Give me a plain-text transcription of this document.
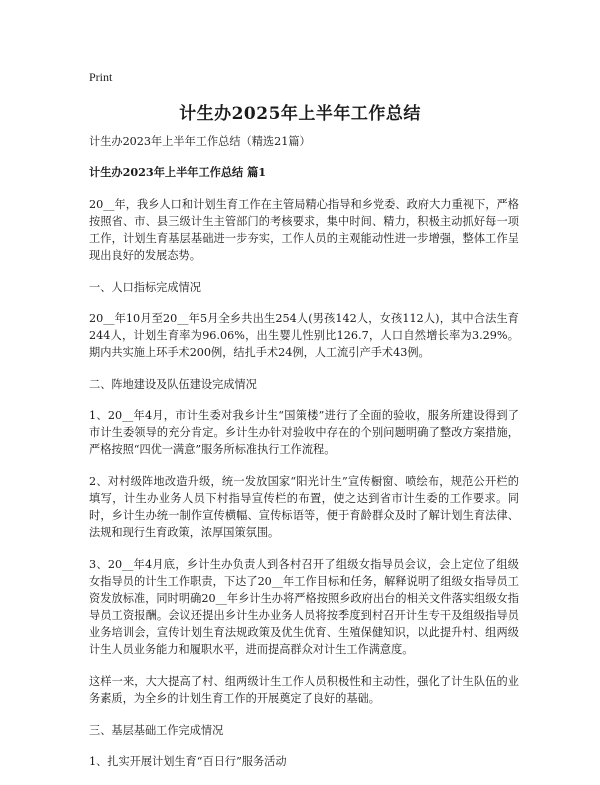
Print
计生办2025年上半年工作总结

计生办2023年上半年工作总结（精选21篇）

计生办2023年上半年工作总结 篇1

20__年，我乡人口和计划生育工作在主管局精心指导和乡党委、政府大力重视下，严格按照省、市、县三级计生主管部门的考核要求，集中时间、精力，积极主动抓好每一项工作，计划生育基层基础进一步夯实，工作人员的主观能动性进一步增强，整体工作呈现出良好的发展态势。

一、人口指标完成情况

20__年10月至20__年5月全乡共出生254人(男孩142人，女孩112人)，其中合法生育244人，计划生育率为96.06%，出生婴儿性别比126.7，人口自然增长率为3.29%。期内共实施上环手术200例，结扎手术24例，人工流引产手术43例。

二、阵地建设及队伍建设完成情况

1、20__年4月，市计生委对我乡计生“国策楼”进行了全面的验收，服务所建设得到了市计生委领导的充分肯定。乡计生办针对验收中存在的个别问题明确了整改方案措施，严格按照“四优一满意”服务所标准执行工作流程。

2、对村级阵地改造升级，统一发放国家“阳光计生”宣传橱窗、喷绘布，规范公开栏的填写，计生办业务人员下村指导宣传栏的布置，使之达到省市计生委的工作要求。同时，乡计生办统一制作宣传横幅、宣传标语等，便于育龄群众及时了解计划生育法律、法规和现行生育政策，浓厚国策氛围。

3、20__年4月底，乡计生办负责人到各村召开了组级女指导员会议，会上定位了组级女指导员的计生工作职责，下达了20__年工作目标和任务，解释说明了组级女指导员工资发放标准，同时明确20__年乡计生办将严格按照乡政府出台的相关文件落实组级女指导员工资报酬。会议还提出乡计生办业务人员将按季度到村召开计生专干及组级指导员业务培训会，宣传计划生育法规政策及优生优育、生殖保健知识，以此提升村、组两级计生人员业务能力和履职水平，进而提高群众对计生工作满意度。

这样一来，大大提高了村、组两级计生工作人员积极性和主动性，强化了计生队伍的业务素质，为全乡的计划生育工作的开展奠定了良好的基础。

三、基层基础工作完成情况

1、扎实开展计划生育“百日行”服务活动
